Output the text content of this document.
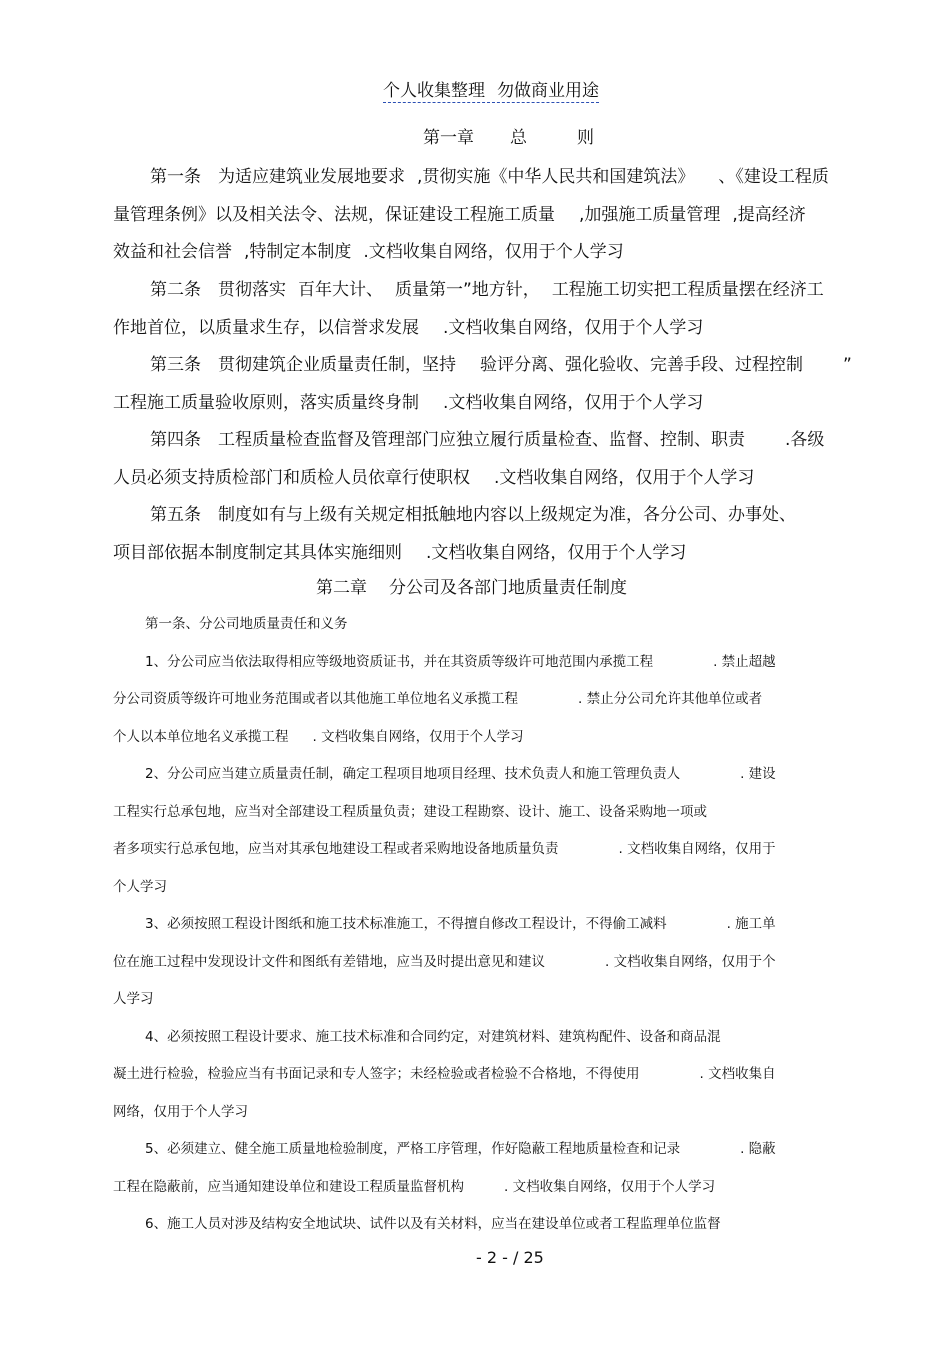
个人收集整理 勿做商业用途
第一章 总	则
第一条　为适应建筑业发展地要求 ,贯彻实施《中华人民共和国建筑法》 、《建设工程质
量管理条例》以及相关法令、法规，保证建设工程施工质量 ,加强施工质量管理 ,提高经济
效益和社会信誉 ,特制定本制度 .文档收集自网络，仅用于个人学习
第二条　贯彻落实 百年大计、 质量第一”地方针， 工程施工切实把工程质量摆在经济工
作地首位，以质量求生存，以信誉求发展 .文档收集自网络，仅用于个人学习
第三条　贯彻建筑企业质量责任制，坚持 验评分离、强化验收、完善手段、过程控制 ”
工程施工质量验收原则，落实质量终身制 .文档收集自网络，仅用于个人学习
第四条　工程质量检查监督及管理部门应独立履行质量检查、监督、控制、职责 .各级
人员必须支持质检部门和质检人员依章行使职权 .文档收集自网络，仅用于个人学习
第五条　制度如有与上级有关规定相抵触地内容以上级规定为准，各分公司、办事处、
项目部依据本制度制定其具体实施细则 .文档收集自网络，仅用于个人学习
第二章 分公司及各部门地质量责任制度
第一条、分公司地质量责任和义务
1、分公司应当依法取得相应等级地资质证书，并在其资质等级许可地范围内承揽工程	. 禁止超越
分公司资质等级许可地业务范围或者以其他施工单位地名义承揽工程	. 禁止分公司允许其他单位或者
个人以本单位地名义承揽工程 . 文档收集自网络，仅用于个人学习
2、分公司应当建立质量责任制，确定工程项目地项目经理、技术负责人和施工管理负责人	. 建设
工程实行总承包地，应当对全部建设工程质量负责；建设工程勘察、设计、施工、设备采购地一项或
者多项实行总承包地，应当对其承包地建设工程或者采购地设备地质量负责	. 文档收集自网络，仅用于
个人学习
3、必须按照工程设计图纸和施工技术标准施工，不得擅自修改工程设计，不得偷工减料	. 施工单
位在施工过程中发现设计文件和图纸有差错地，应当及时提出意见和建议	. 文档收集自网络，仅用于个
人学习
4、必须按照工程设计要求、施工技术标准和合同约定，对建筑材料、建筑构配件、设备和商品混
凝土进行检验，检验应当有书面记录和专人签字；未经检验或者检验不合格地，不得使用	. 文档收集自
网络，仅用于个人学习
5、必须建立、健全施工质量地检验制度，严格工序管理，作好隐蔽工程地质量检查和记录	. 隐蔽
工程在隐蔽前，应当通知建设单位和建设工程质量监督机构	. 文档收集自网络，仅用于个人学习
6、施工人员对涉及结构安全地试块、试件以及有关材料，应当在建设单位或者工程监理单位监督
- 2 - / 25
